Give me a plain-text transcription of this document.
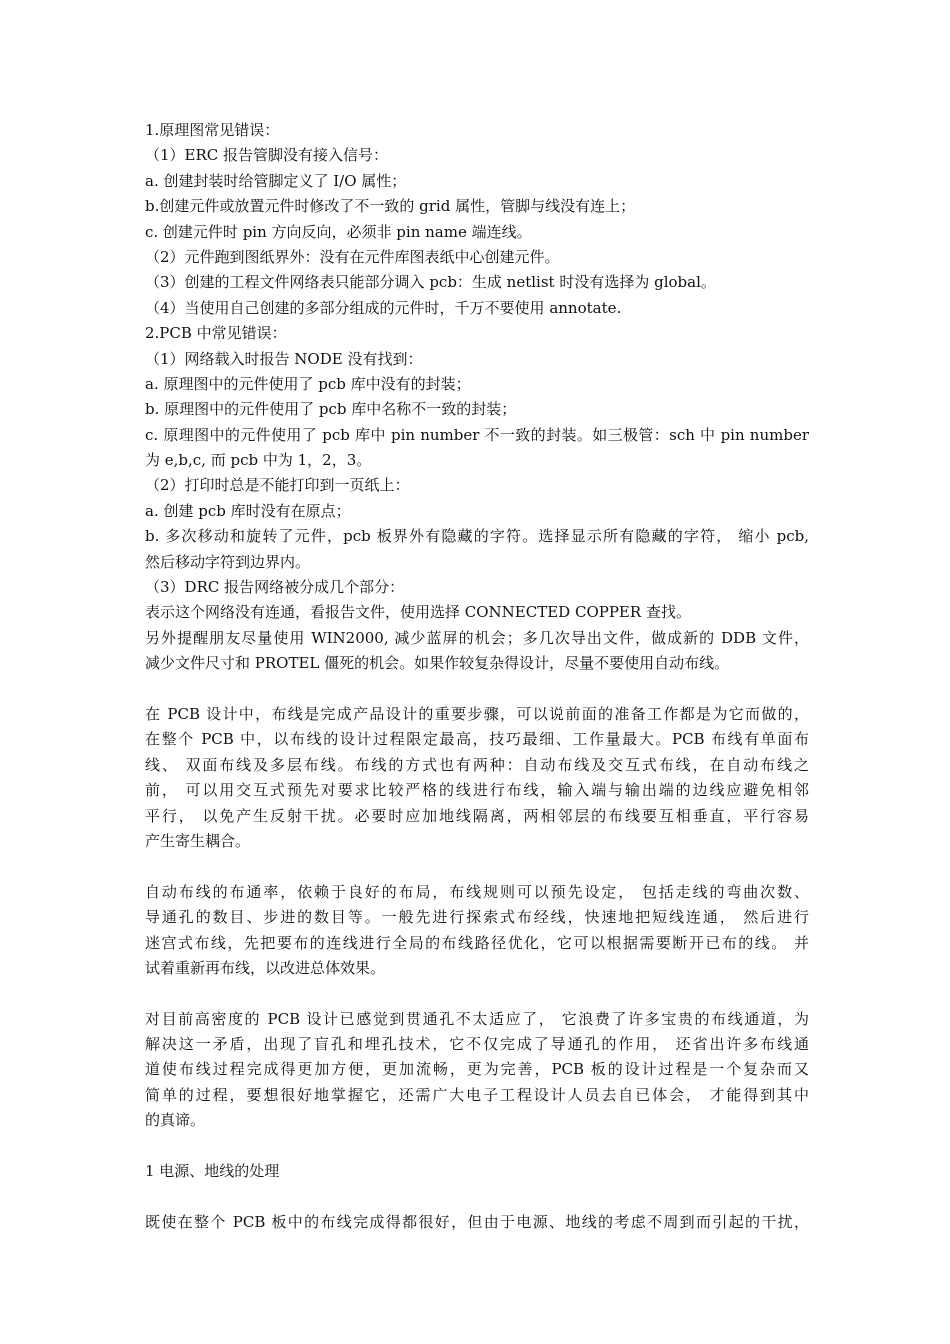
1.原理图常见错误：
（1）ERC 报告管脚没有接入信号：
a. 创建封装时给管脚定义了 I/O 属性；
b.创建元件或放置元件时修改了不一致的 grid 属性，管脚与线没有连上；
c. 创建元件时 pin 方向反向，必须非 pin name 端连线。
（2）元件跑到图纸界外：没有在元件库图表纸中心创建元件。
（3）创建的工程文件网络表只能部分调入 pcb：生成 netlist 时没有选择为 global。
（4）当使用自己创建的多部分组成的元件时，千万不要使用 annotate.
2.PCB 中常见错误：
（1）网络载入时报告 NODE 没有找到：
a. 原理图中的元件使用了 pcb 库中没有的封装；
b. 原理图中的元件使用了 pcb 库中名称不一致的封装；
c. 原理图中的元件使用了 pcb 库中 pin number 不一致的封装。如三极管：sch 中 pin number
为 e,b,c, 而 pcb 中为 1，2，3。
（2）打印时总是不能打印到一页纸上：
a. 创建 pcb 库时没有在原点；
b. 多次移动和旋转了元件，pcb 板界外有隐藏的字符。选择显示所有隐藏的字符， 缩小 pcb,
然后移动字符到边界内。
（3）DRC 报告网络被分成几个部分：
表示这个网络没有连通，看报告文件，使用选择 CONNECTED COPPER 查找。
另外提醒朋友尽量使用 WIN2000, 减少蓝屏的机会；多几次导出文件，做成新的 DDB 文件，
减少文件尺寸和 PROTEL 僵死的机会。如果作较复杂得设计，尽量不要使用自动布线。
在 PCB 设计中，布线是完成产品设计的重要步骤，可以说前面的准备工作都是为它而做的，
在整个 PCB 中，以布线的设计过程限定最高，技巧最细、工作量最大。PCB 布线有单面布
线、 双面布线及多层布线。布线的方式也有两种：自动布线及交互式布线，在自动布线之
前， 可以用交互式预先对要求比较严格的线进行布线，输入端与输出端的边线应避免相邻
平行， 以免产生反射干扰。必要时应加地线隔离，两相邻层的布线要互相垂直，平行容易
产生寄生耦合。
自动布线的布通率，依赖于良好的布局，布线规则可以预先设定， 包括走线的弯曲次数、
导通孔的数目、步进的数目等。一般先进行探索式布经线，快速地把短线连通， 然后进行
迷宫式布线，先把要布的连线进行全局的布线路径优化，它可以根据需要断开已布的线。 并
试着重新再布线，以改进总体效果。
对目前高密度的 PCB 设计已感觉到贯通孔不太适应了， 它浪费了许多宝贵的布线通道，为
解决这一矛盾，出现了盲孔和埋孔技术，它不仅完成了导通孔的作用， 还省出许多布线通
道使布线过程完成得更加方便，更加流畅，更为完善，PCB 板的设计过程是一个复杂而又
简单的过程，要想很好地掌握它，还需广大电子工程设计人员去自已体会， 才能得到其中
的真谛。
1 电源、地线的处理
既使在整个 PCB 板中的布线完成得都很好，但由于电源、地线的考虑不周到而引起的干扰，
